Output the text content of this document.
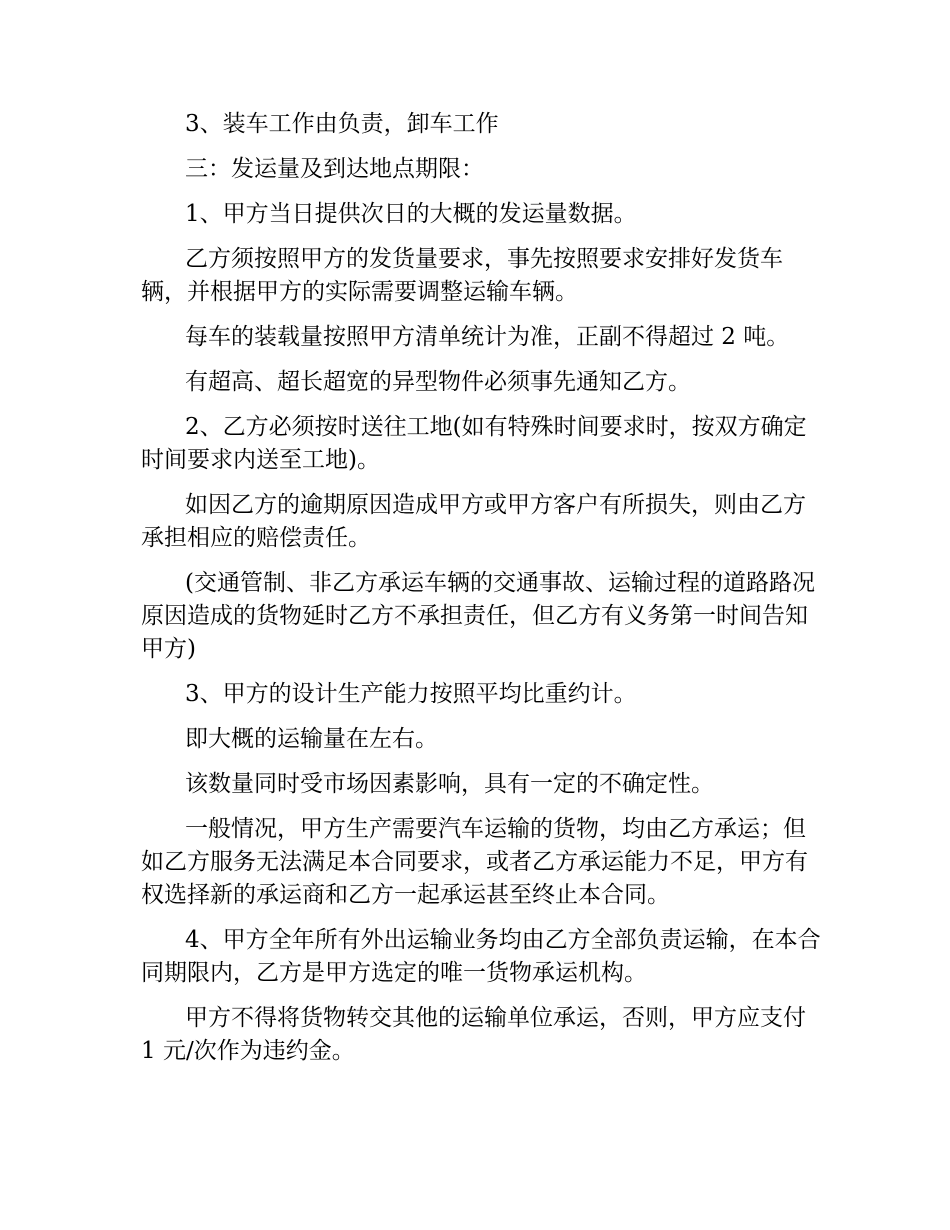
3、装车工作由负责，卸车工作

三：发运量及到达地点期限：

1、甲方当日提供次日的大概的发运量数据。

乙方须按照甲方的发货量要求，事先按照要求安排好发货车辆，并根据甲方的实际需要调整运输车辆。

每车的装载量按照甲方清单统计为准，正副不得超过 2 吨。

有超高、超长超宽的异型物件必须事先通知乙方。

2、乙方必须按时送往工地(如有特殊时间要求时，按双方确定时间要求内送至工地)。

如因乙方的逾期原因造成甲方或甲方客户有所损失，则由乙方承担相应的赔偿责任。

(交通管制、非乙方承运车辆的交通事故、运输过程的道路路况原因造成的货物延时乙方不承担责任，但乙方有义务第一时间告知甲方)

3、甲方的设计生产能力按照平均比重约计。

即大概的运输量在左右。

该数量同时受市场因素影响，具有一定的不确定性。

一般情况，甲方生产需要汽车运输的货物，均由乙方承运；但如乙方服务无法满足本合同要求，或者乙方承运能力不足，甲方有权选择新的承运商和乙方一起承运甚至终止本合同。

4、甲方全年所有外出运输业务均由乙方全部负责运输，在本合同期限内，乙方是甲方选定的唯一货物承运机构。

甲方不得将货物转交其他的运输单位承运，否则，甲方应支付 1 元/次作为违约金。
